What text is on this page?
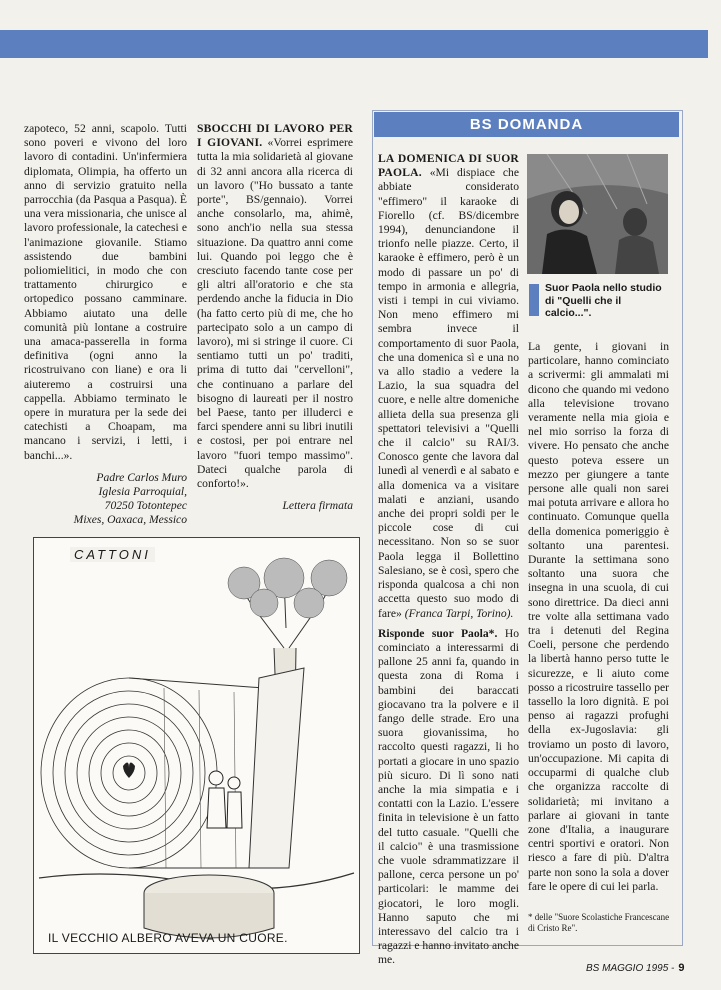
zapoteco, 52 anni, scapolo. Tutti sono poveri e vivono del loro lavoro di contadini. Un'infermiera diplomata, Olimpia, ha offerto un anno di servizio gratuito nella parrocchia (da Pasqua a Pasqua). È una vera missionaria, che unisce al lavoro professionale, la catechesi e l'animazione giovanile. Stiamo assistendo due bambini poliomielitici, in modo che con trattamento chirurgico e ortopedico possano camminare. Abbiamo aiutato una delle comunità più lontane a costruire una amaca-passerella in forma definitiva (ogni anno la ricostruivano con liane) e ora li aiuteremo a costruirsi una cappella. Abbiamo terminato le opere in muratura per la sede dei catechisti a Choapam, ma mancano i servizi, i letti, i banchi...».

Padre Carlos Muro

Iglesia Parroquial,

70250 Totontepec

Mixes, Oaxaca, Messico

SBOCCHI DI LAVORO PER I GIOVANI. «Vorrei esprimere tutta la mia solidarietà al giovane di 32 anni ancora alla ricerca di un lavoro ("Ho bussato a tante porte", BS/gennaio). Vorrei anche consolarlo, ma, ahimè, sono anch'io nella sua stessa situazione. Da quattro anni come lui. Quando poi leggo che è cresciuto facendo tante cose per gli altri all'oratorio e che sta perdendo anche la fiducia in Dio (ha fatto certo più di me, che ho partecipato solo a un campo di lavoro), mi si stringe il cuore. Ci sentiamo tutti un po' traditi, prima di tutto dai "cervelloni", che continuano a parlare del bisogno di laureati per il nostro bel Paese, tanto per illuderci e farci spendere anni su libri inutili e costosi, per poi entrare nel lavoro "fuori tempo massimo". Dateci qualche parola di conforto!».

Lettera firmata

CATTONI
IL VECCHIO ALBERO AVEVA UN CUORE.
BS DOMANDA

LA DOMENICA DI SUOR PAOLA. «Mi dispiace che abbiate considerato "effimero" il karaoke di Fiorello (cf. BS/dicembre 1994), denunciandone il trionfo nelle piazze. Certo, il karaoke è effimero, però è un modo di passare un po' di tempo in armonia e allegria, visti i tempi in cui viviamo. Non meno effimero mi sembra invece il comportamento di suor Paola, che una domenica sì e una no va allo stadio a vedere la Lazio, la sua squadra del cuore, e nelle altre domeniche allieta della sua presenza gli spettatori televisivi a "Quelli che il calcio" su RAI/3. Conosco gente che lavora dal lunedì al venerdì e al sabato e alla domenica va a visitare malati e anziani, usando anche dei propri soldi per le piccole cose di cui necessitano. Non so se suor Paola legga il Bollettino Salesiano, se è così, spero che risponda qualcosa a chi non accetta questo suo modo di fare» (Franca Tarpi, Torino).

Risponde suor Paola*. Ho cominciato a interessarmi di pallone 25 anni fa, quando in questa zona di Roma i bambini dei baraccati giocavano tra la polvere e il fango delle strade. Ero una suora giovanissima, ho raccolto questi ragazzi, li ho portati a giocare in uno spazio più sicuro. Di lì sono nati anche la mia simpatia e i contatti con la Lazio. L'essere finita in televisione è un fatto del tutto casuale. "Quelli che il calcio" è una trasmissione che vuole sdrammatizzare il pallone, cerca persone un po' particolari: le mamme dei giocatori, le loro mogli. Hanno saputo che mi interessavo del calcio tra i ragazzi e hanno invitato anche me.

Suor Paola nello studio di "Quelli che il calcio...".

La gente, i giovani in particolare, hanno cominciato a scrivermi: gli ammalati mi dicono che quando mi vedono alla televisione trovano veramente nella mia gioia e nel mio sorriso la forza di vivere. Ho pensato che anche questo poteva essere un mezzo per giungere a tante persone alle quali non sarei mai potuta arrivare e allora ho continuato. Comunque quella della domenica pomeriggio è soltanto una parentesi. Durante la settimana sono soltanto una suora che insegna in una scuola, di cui sono direttrice. Da dieci anni tre volte alla settimana vado tra i detenuti del Regina Coeli, persone che perdendo la libertà hanno perso tutte le sicurezze, e li aiuto come posso a ricostruire tassello per tassello la loro dignità. E poi penso ai ragazzi profughi della ex-Jugoslavia: gli troviamo un posto di lavoro, un'occupazione. Mi capita di occuparmi di qualche club che organizza raccolte di solidarietà; mi invitano a parlare ai giovani in tante zone d'Italia, a inaugurare centri sportivi e oratori. Non riesco a fare di più. D'altra parte non sono la sola a dover fare le opere di cui lei parla.

* delle "Suore Scolastiche Francescane di Cristo Re".
BS MAGGIO 1995 - 9
